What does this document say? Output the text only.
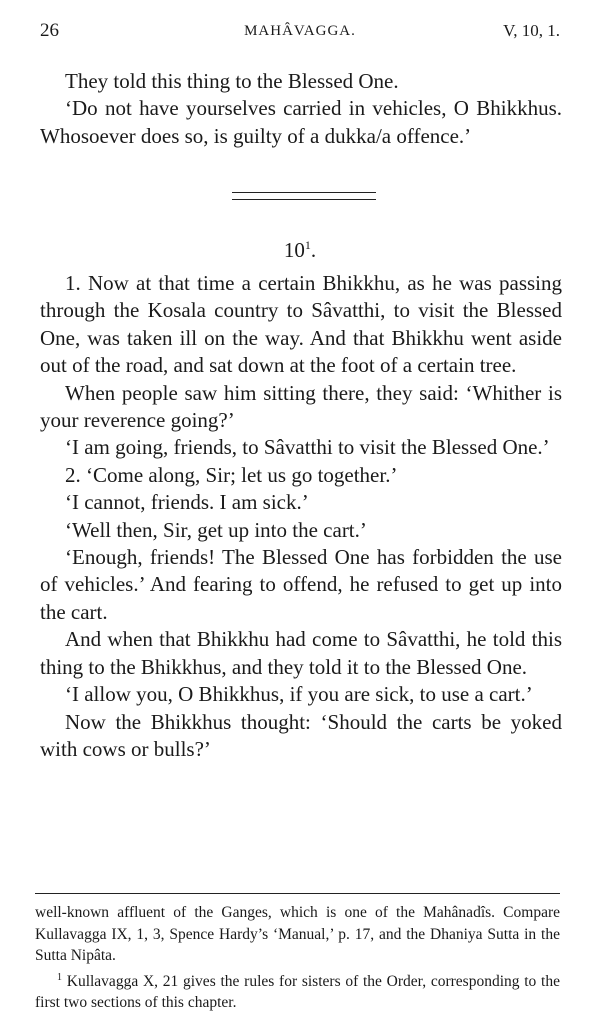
26	MAHÂVAGGA.	V, 10, 1.

They told this thing to the Blessed One.

‘Do not have yourselves carried in vehicles, O Bhikkhus. Whosoever does so, is guilty of a dukka/a offence.’

$10^1$.

1. Now at that time a certain Bhikkhu, as he was passing through the Kosala country to Sâvatthi, to visit the Blessed One, was taken ill on the way. And that Bhikkhu went aside out of the road, and sat down at the foot of a certain tree.

When people saw him sitting there, they said: ‘Whither is your reverence going?’

‘I am going, friends, to Sâvatthi to visit the Blessed One.’

2. ‘Come along, Sir; let us go together.’

‘I cannot, friends. I am sick.’

‘Well then, Sir, get up into the cart.’

‘Enough, friends! The Blessed One has forbidden the use of vehicles.’ And fearing to offend, he refused to get up into the cart.

And when that Bhikkhu had come to Sâvatthi, he told this thing to the Bhikkhus, and they told it to the Blessed One.

‘I allow you, O Bhikkhus, if you are sick, to use a cart.’

Now the Bhikkhus thought: ‘Should the carts be yoked with cows or bulls?’

well-known affluent of the Ganges, which is one of the Mahânadîs. Compare Kullavagga IX, 1, 3, Spence Hardy’s ‘Manual,’ p. 17, and the Dhaniya Sutta in the Sutta Nipâta.

$^1$ Kullavagga X, 21 gives the rules for sisters of the Order, corresponding to the first two sections of this chapter.
